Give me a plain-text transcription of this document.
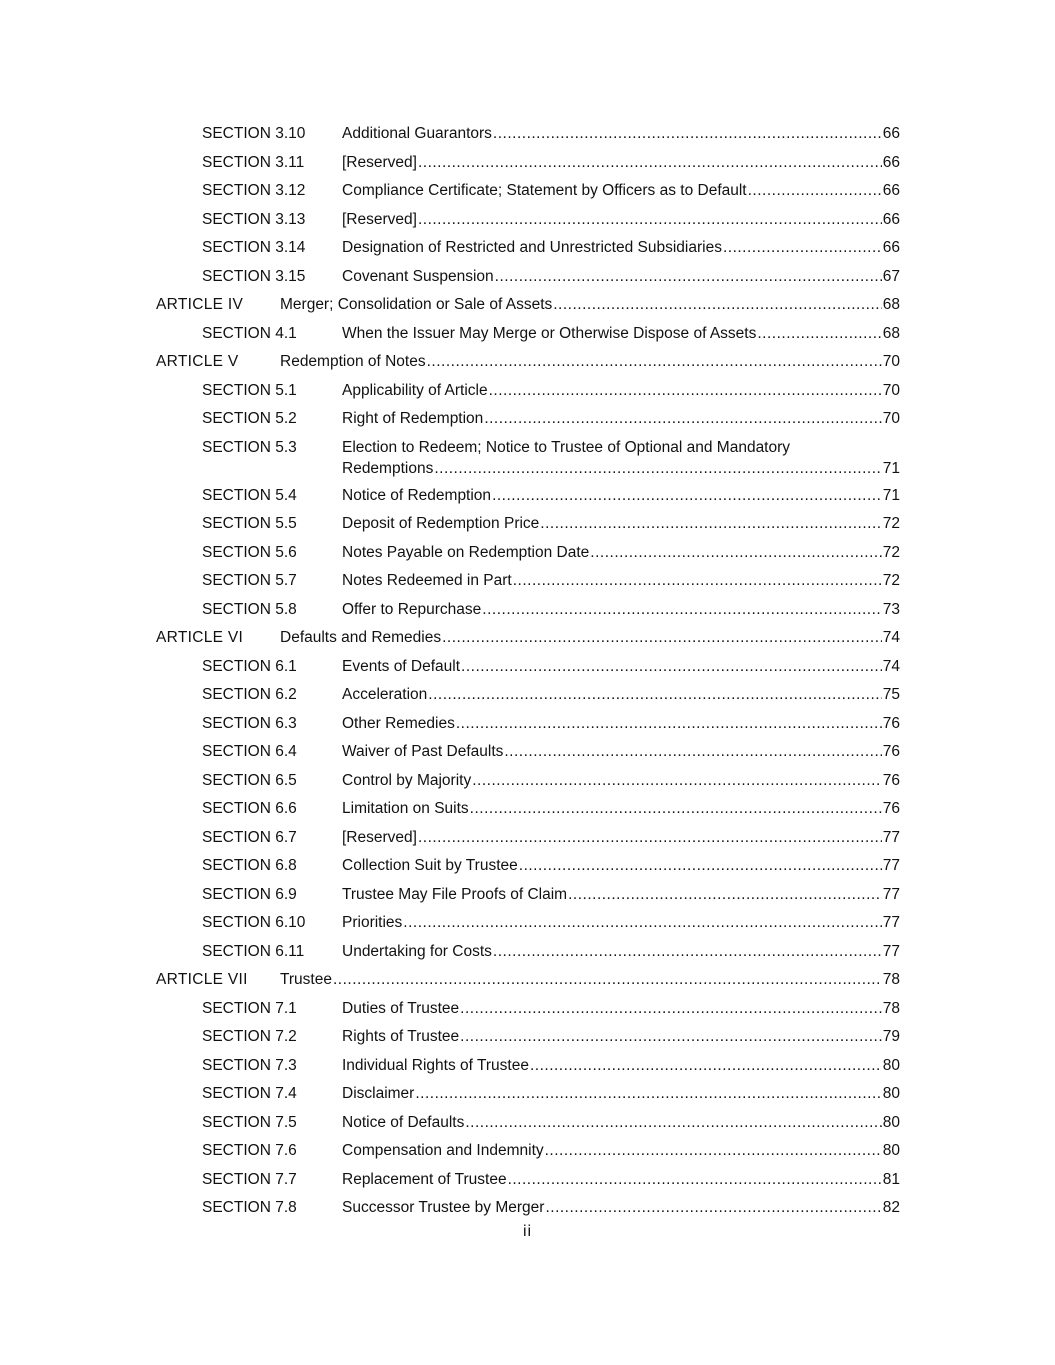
SECTION 3.10 Additional Guarantors .....	66
SECTION 3.11 [Reserved] .....	66
SECTION 3.12 Compliance Certificate; Statement by Officers as to Default .....	66
SECTION 3.13 [Reserved] .....	66
SECTION 3.14 Designation of Restricted and Unrestricted Subsidiaries .....	66
SECTION 3.15 Covenant Suspension .....	67
ARTICLE IV Merger; Consolidation or Sale of Assets .....	68
SECTION 4.1	When the Issuer May Merge or Otherwise Dispose of Assets .....	68
ARTICLE V	Redemption of Notes .....	70
SECTION 5.1	Applicability of Article .....	70
SECTION 5.2	Right of Redemption .....	70
SECTION 5.3	Election to Redeem; Notice to Trustee of Optional and Mandatory
Redemptions .....	71
SECTION 5.4	Notice of Redemption .....	71
SECTION 5.5	Deposit of Redemption Price .....	72
SECTION 5.6	Notes Payable on Redemption Date .....	72
SECTION 5.7	Notes Redeemed in Part .....	72
SECTION 5.8	Offer to Repurchase .....	73
ARTICLE VI Defaults and Remedies .....	74
SECTION 6.1	Events of Default .....	74
SECTION 6.2	Acceleration .....	75
SECTION 6.3	Other Remedies .....	76
SECTION 6.4	Waiver of Past Defaults .....	76
SECTION 6.5	Control by Majority .....	76
SECTION 6.6	Limitation on Suits .....	76
SECTION 6.7	[Reserved] .....	77
SECTION 6.8	Collection Suit by Trustee .....	77
SECTION 6.9	Trustee May File Proofs of Claim .....	77
SECTION 6.10 Priorities .....	77
SECTION 6.11 Undertaking for Costs .....	77
ARTICLE VII Trustee .....	78
SECTION 7.1	Duties of Trustee .....	78
SECTION 7.2	Rights of Trustee .....	79
SECTION 7.3	Individual Rights of Trustee .....	80
SECTION 7.4	Disclaimer .....	80
SECTION 7.5	Notice of Defaults .....	80
SECTION 7.6	Compensation and Indemnity .....	80
SECTION 7.7	Replacement of Trustee .....	81
SECTION 7.8	Successor Trustee by Merger .....	82
ii
